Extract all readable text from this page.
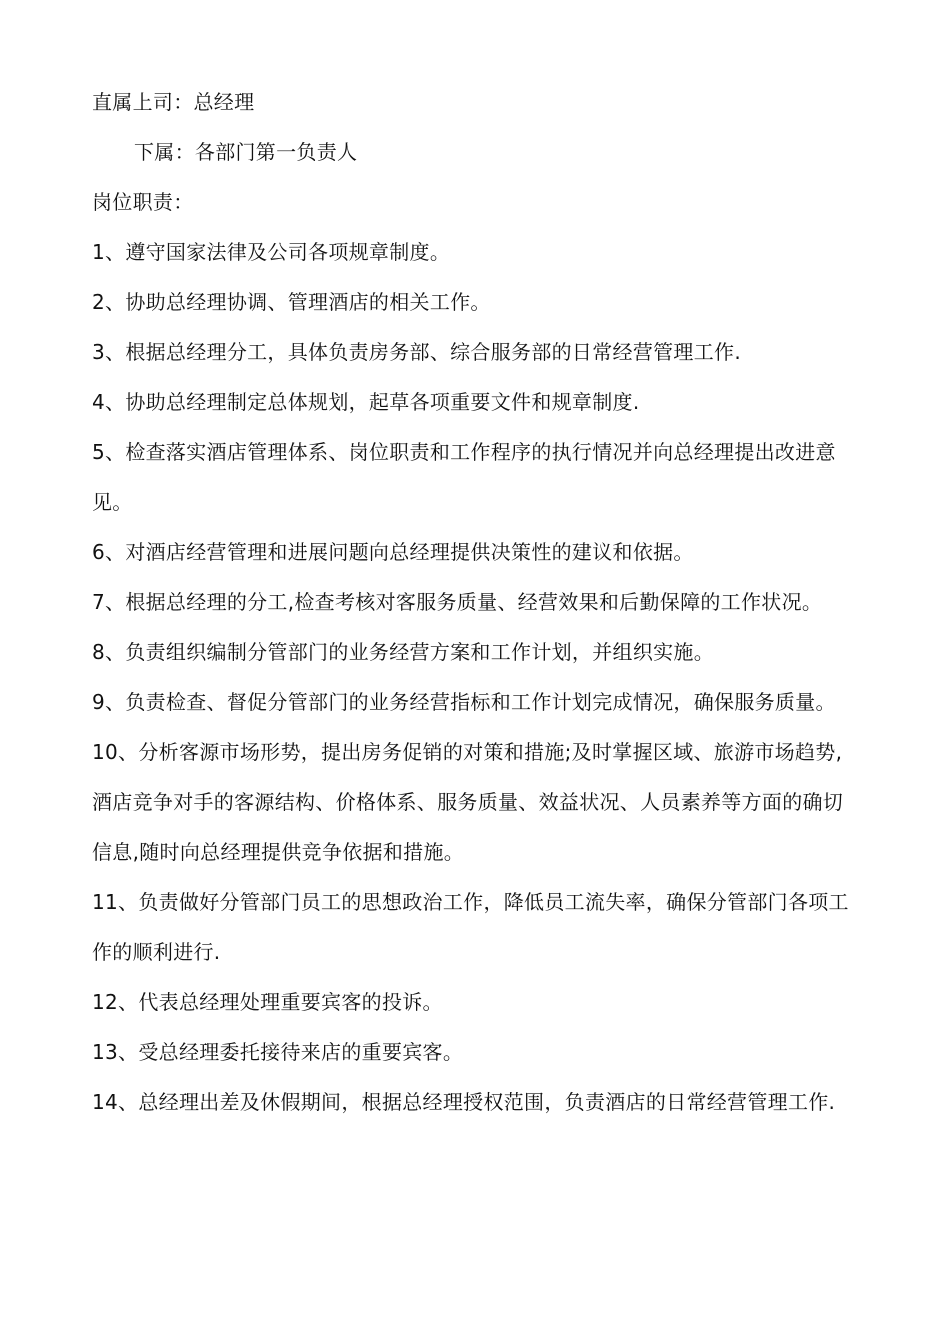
直属上司：总经理

下属：各部门第一负责人

岗位职责：

1、遵守国家法律及公司各项规章制度。

2、协助总经理协调、管理酒店的相关工作。

3、根据总经理分工，具体负责房务部、综合服务部的日常经营管理工作.

4、协助总经理制定总体规划，起草各项重要文件和规章制度.

5、检查落实酒店管理体系、岗位职责和工作程序的执行情况并向总经理提出改进意见。

6、对酒店经营管理和进展问题向总经理提供决策性的建议和依据。

7、根据总经理的分工,检查考核对客服务质量、经营效果和后勤保障的工作状况。

8、负责组织编制分管部门的业务经营方案和工作计划，并组织实施。

9、负责检查、督促分管部门的业务经营指标和工作计划完成情况，确保服务质量。

10、分析客源市场形势，提出房务促销的对策和措施;及时掌握区域、旅游市场趋势,酒店竞争对手的客源结构、价格体系、服务质量、效益状况、人员素养等方面的确切信息,随时向总经理提供竞争依据和措施。

11、负责做好分管部门员工的思想政治工作，降低员工流失率，确保分管部门各项工作的顺利进行.

12、代表总经理处理重要宾客的投诉。

13、受总经理委托接待来店的重要宾客。

14、总经理出差及休假期间，根据总经理授权范围，负责酒店的日常经营管理工作.
